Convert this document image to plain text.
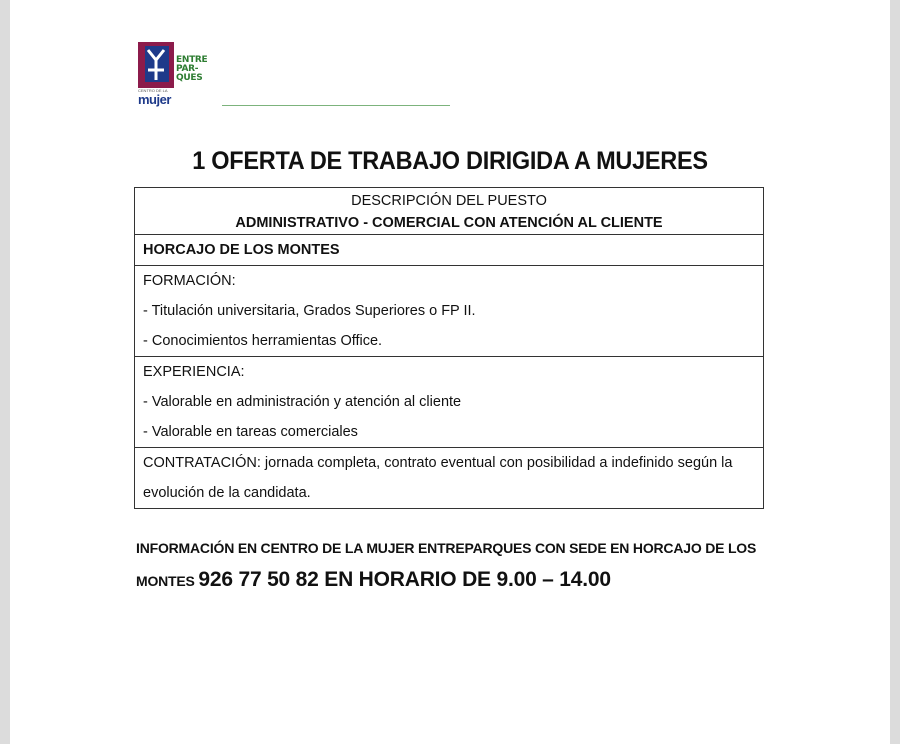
ENTRE
PAR-
QUES
CENTRO DE LA
mujer
1 OFERTA DE TRABAJO DIRIGIDA A MUJERES
DESCRIPCIÓN DEL PUESTO
ADMINISTRATIVO - COMERCIAL CON ATENCIÓN AL CLIENTE

HORCAJO DE LOS MONTES

FORMACIÓN:
- Titulación universitaria, Grados Superiores o FP II.
- Conocimientos herramientas Office.

EXPERIENCIA:
- Valorable en administración y atención al cliente
- Valorable en tareas comerciales

CONTRATACIÓN: jornada completa, contrato eventual con posibilidad a indefinido según la
evolución de la candidata.
INFORMACIÓN EN CENTRO DE LA MUJER ENTREPARQUES CON SEDE EN HORCAJO DE LOS
MONTES 926 77 50 82 EN HORARIO DE 9.00 – 14.00
